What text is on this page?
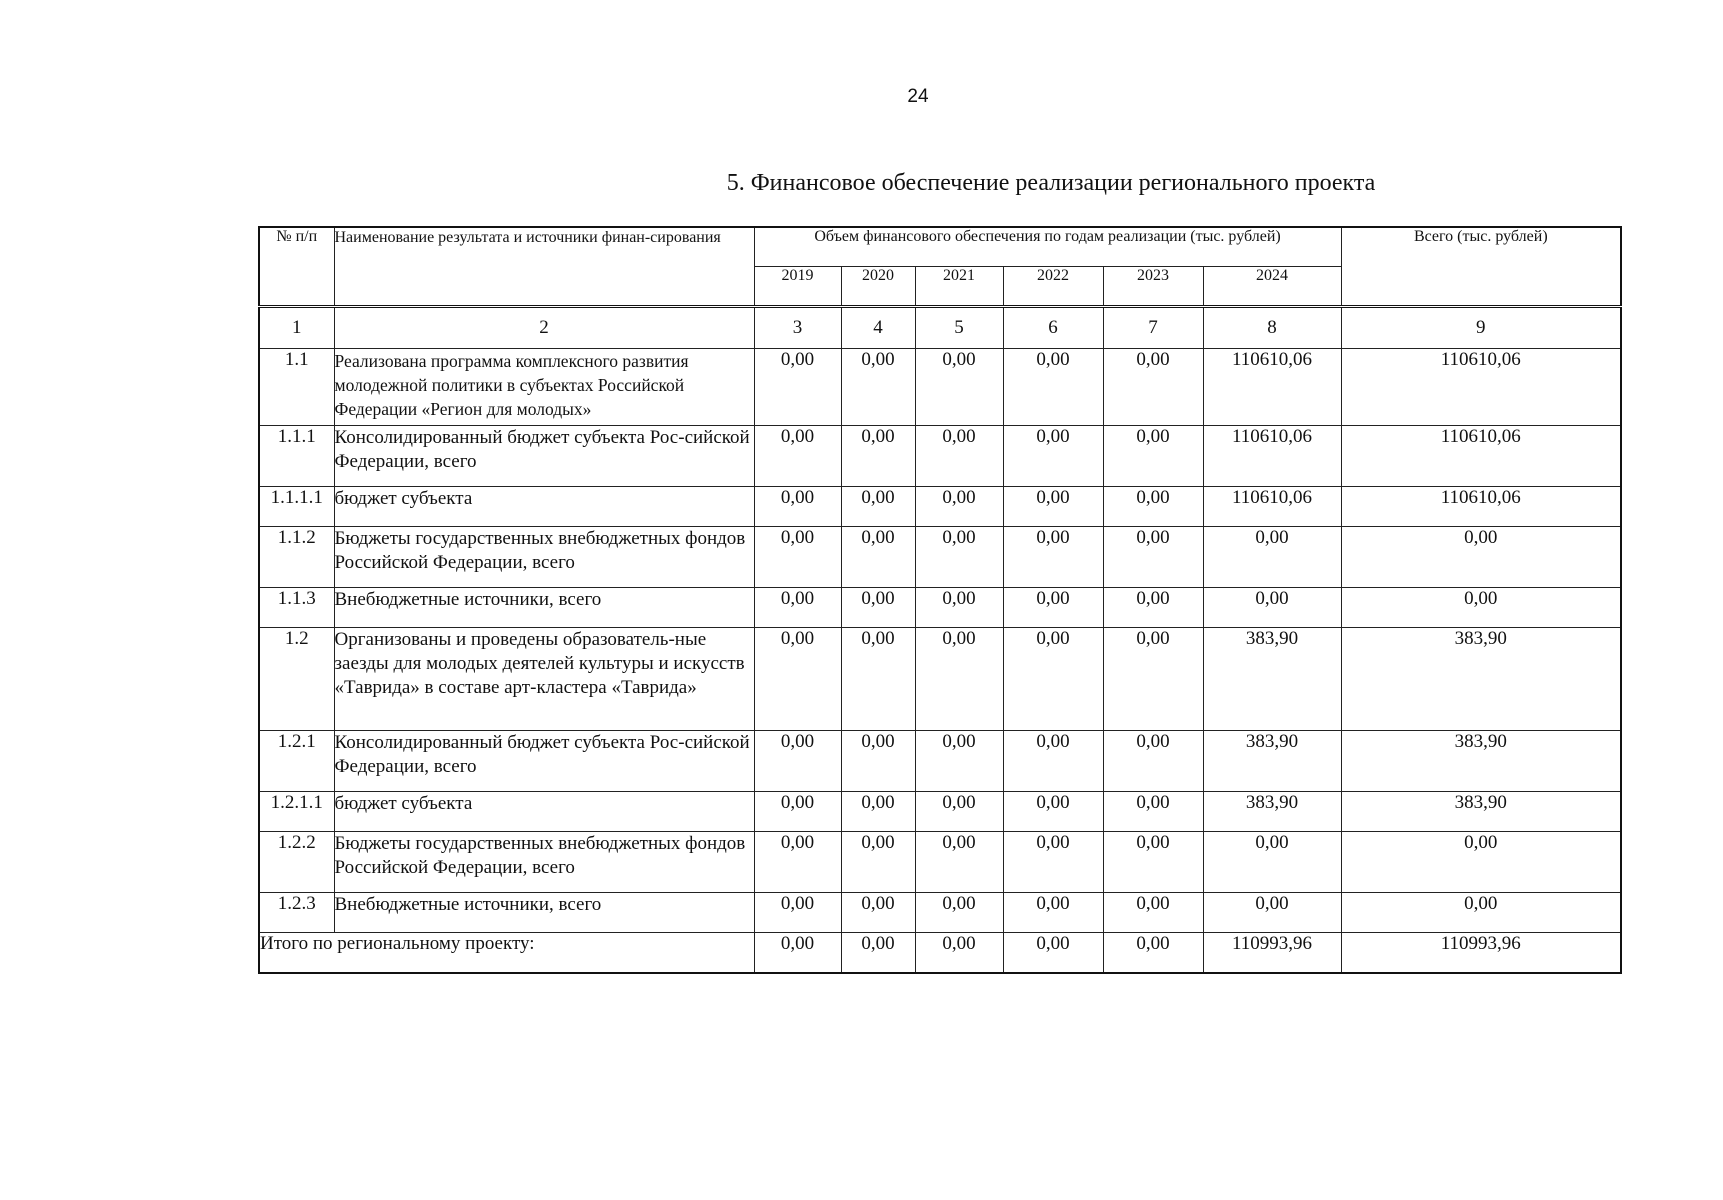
24
5. Финансовое обеспечение реализации регионального проекта
№ п/п	Наименование результата и источники финан-сирования	Объем финансового обеспечения по годам реализации (тыс. рублей)						Всего (тыс. рублей)
		2019	2020	2021	2022	2023	2024	
1	2	3	4	5	6	7	8	9
1.1	Реализована программа комплексного развития молодежной политики в субъектах Российской Федерации «Регион для молодых»	0,00	0,00	0,00	0,00	0,00	110610,06	110610,06
1.1.1	Консолидированный бюджет субъекта Рос-сийской Федерации, всего	0,00	0,00	0,00	0,00	0,00	110610,06	110610,06
1.1.1.1	бюджет субъекта	0,00	0,00	0,00	0,00	0,00	110610,06	110610,06
1.1.2	Бюджеты государственных внебюджетных фондов Российской Федерации, всего	0,00	0,00	0,00	0,00	0,00	0,00	0,00
1.1.3	Внебюджетные источники, всего	0,00	0,00	0,00	0,00	0,00	0,00	0,00
1.2	Организованы и проведены образователь-ные заезды для молодых деятелей культуры и искусств «Таврида» в составе арт-кластера «Таврида»	0,00	0,00	0,00	0,00	0,00	383,90	383,90
1.2.1	Консолидированный бюджет субъекта Рос-сийской Федерации, всего	0,00	0,00	0,00	0,00	0,00	383,90	383,90
1.2.1.1	бюджет субъекта	0,00	0,00	0,00	0,00	0,00	383,90	383,90
1.2.2	Бюджеты государственных внебюджетных фондов Российской Федерации, всего	0,00	0,00	0,00	0,00	0,00	0,00	0,00
1.2.3	Внебюджетные источники, всего	0,00	0,00	0,00	0,00	0,00	0,00	0,00
Итого по региональному проекту:		0,00	0,00	0,00	0,00	0,00	110993,96	110993,96
